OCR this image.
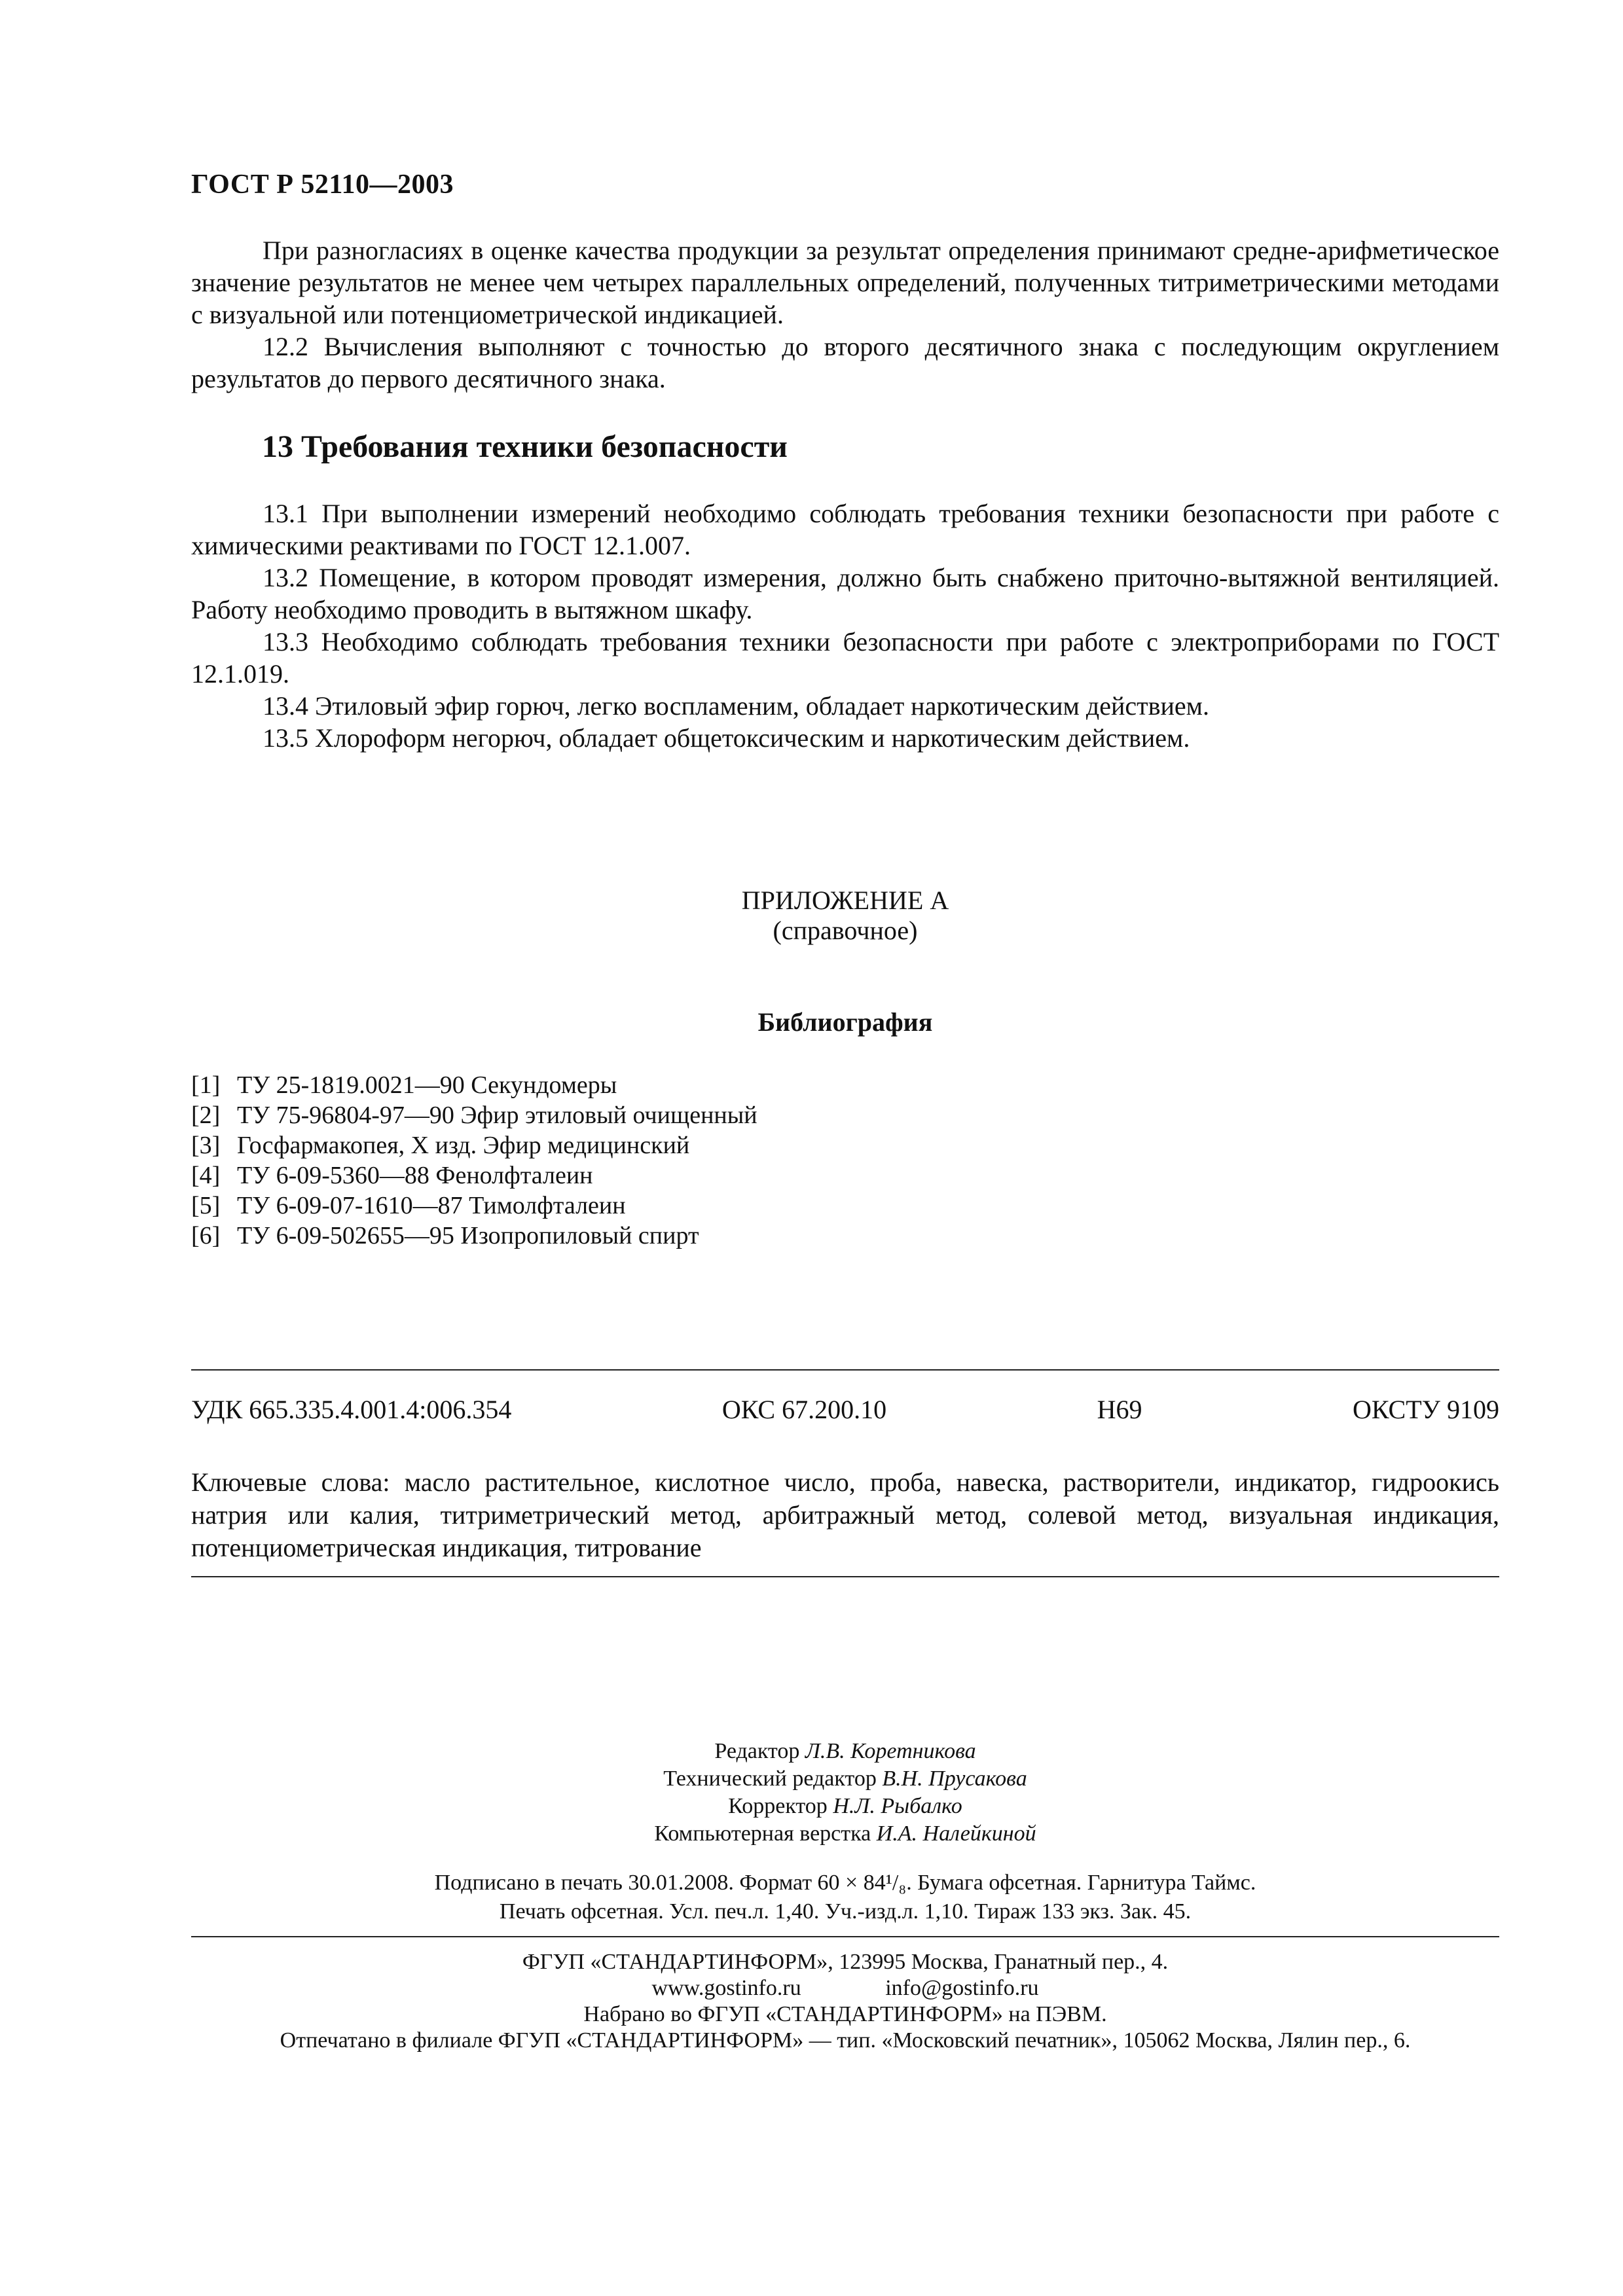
ГОСТ Р 52110—2003

При разногласиях в оценке качества продукции за результат определения принимают средне-арифметическое значение результатов не менее чем четырех параллельных определений, полученных титриметрическими методами с визуальной или потенциометрической индикацией.

12.2 Вычисления выполняют с точностью до второго десятичного знака с последующим округлением результатов до первого десятичного знака.

13 Требования техники безопасности

13.1 При выполнении измерений необходимо соблюдать требования техники безопасности при работе с химическими реактивами по ГОСТ 12.1.007.

13.2 Помещение, в котором проводят измерения, должно быть снабжено приточно-вытяжной вентиляцией. Работу необходимо проводить в вытяжном шкафу.

13.3 Необходимо соблюдать требования техники безопасности при работе с электроприборами по ГОСТ 12.1.019.

13.4 Этиловый эфир горюч, легко воспламеним, обладает наркотическим действием.

13.5 Хлороформ негорюч, обладает общетоксическим и наркотическим действием.

ПРИЛОЖЕНИЕ А
(справочное)
Библиография
[1] ТУ 25-1819.0021—90 Секундомеры
[2] ТУ 75-96804-97—90 Эфир этиловый очищенный
[3] Госфармакопея, X изд. Эфир медицинский
[4] ТУ 6-09-5360—88 Фенолфталеин
[5] ТУ 6-09-07-1610—87 Тимолфталеин
[6] ТУ 6-09-502655—95 Изопропиловый спирт
УДК 665.335.4.001.4:006.354	ОКС 67.200.10	Н69	ОКСТУ 9109
Ключевые слова: масло растительное, кислотное число, проба, навеска, растворители, индикатор, гидроокись натрия или калия, титриметрический метод, арбитражный метод, солевой метод, визуальная индикация, потенциометрическая индикация, титрование
Редактор Л.В. Коретникова
Технический редактор В.Н. Прусакова
Корректор Н.Л. Рыбалко
Компьютерная верстка И.А. Налейкиной
Подписано в печать 30.01.2008. Формат 60 × 84¹/₈. Бумага офсетная. Гарнитура Таймс.
Печать офсетная. Усл. печ.л. 1,40. Уч.-изд.л. 1,10. Тираж 133 экз. Зак. 45.
ФГУП «СТАНДАРТИНФОРМ», 123995 Москва, Гранатный пер., 4.
www.gostinfo.ru	info@gostinfo.ru
Набрано во ФГУП «СТАНДАРТИНФОРМ» на ПЭВМ.
Отпечатано в филиале ФГУП «СТАНДАРТИНФОРМ» — тип. «Московский печатник», 105062 Москва, Лялин пер., 6.
